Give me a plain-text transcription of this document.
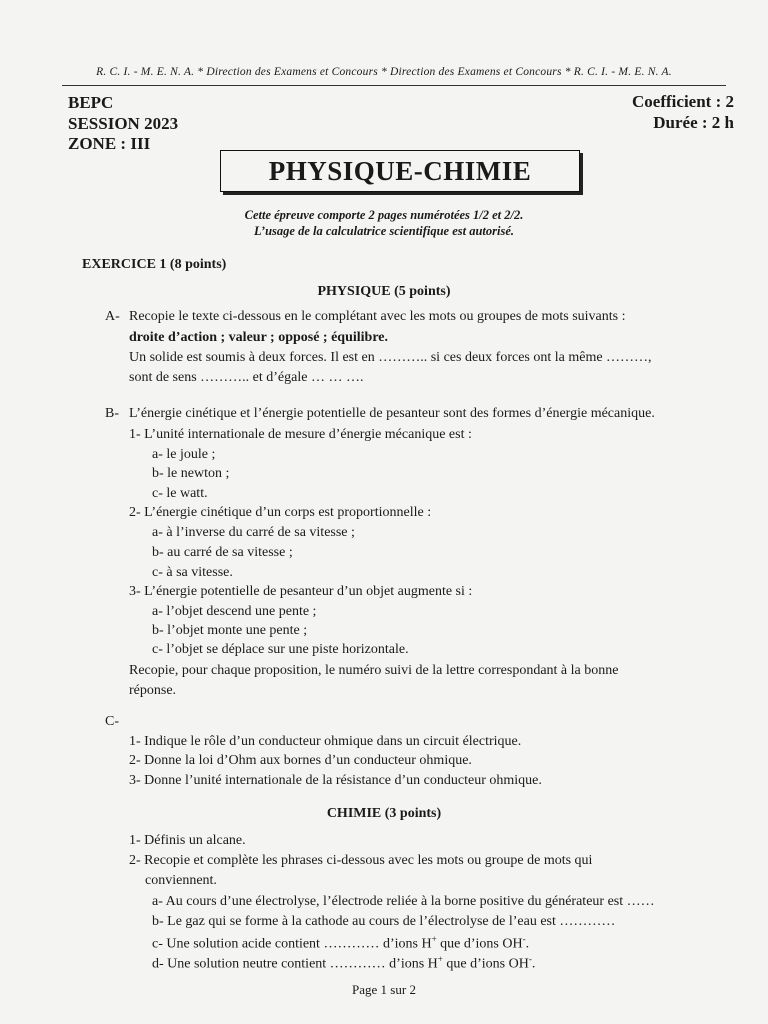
R. C. I. - M. E. N. A. * Direction des Examens et Concours * Direction des Examens et Concours * R. C. I. - M. E. N. A.
BEPC
SESSION 2023
ZONE : III
Coefficient : 2
Durée : 2 h
PHYSIQUE-CHIMIE
Cette épreuve comporte 2 pages numérotées 1/2 et 2/2.
L’usage de la calculatrice scientifique est autorisé.
EXERCICE 1 (8 points)
PHYSIQUE (5 points)
A- Recopie le texte ci-dessous en le complétant avec les mots ou groupes de mots suivants :
droite d’action ; valeur ; opposé ; équilibre.
Un solide est soumis à deux forces. Il est en ……….. si ces deux forces ont la même ………,
sont de sens ……….. et d’égale … … ….
B- L’énergie cinétique et l’énergie potentielle de pesanteur sont des formes d’énergie mécanique.
1- L’unité internationale de mesure d’énergie mécanique est :
a- le joule ;
b- le newton ;
c- le watt.
2- L’énergie cinétique d’un corps est proportionnelle :
a- à l’inverse du carré de sa vitesse ;
b- au carré de sa vitesse ;
c- à sa vitesse.
3- L’énergie potentielle de pesanteur d’un objet augmente si :
a- l’objet descend une pente ;
b- l’objet monte une pente ;
c- l’objet se déplace sur une piste horizontale.
Recopie, pour chaque proposition, le numéro suivi de la lettre correspondant à la bonne
réponse.
C-
1- Indique le rôle d’un conducteur ohmique dans un circuit électrique.
2- Donne la loi d’Ohm aux bornes d’un conducteur ohmique.
3- Donne l’unité internationale de la résistance d’un conducteur ohmique.
CHIMIE (3 points)
1- Définis un alcane.
2- Recopie et complète les phrases ci-dessous avec les mots ou groupe de mots qui
conviennent.
a- Au cours d’une électrolyse, l’électrode reliée à la borne positive du générateur est ……
b- Le gaz qui se forme à la cathode au cours de l’électrolyse de l’eau est …………
c- Une solution acide contient ………… d’ions H+ que d’ions OH-.
d- Une solution neutre contient ………… d’ions H+ que d’ions OH-.
Page 1 sur 2
